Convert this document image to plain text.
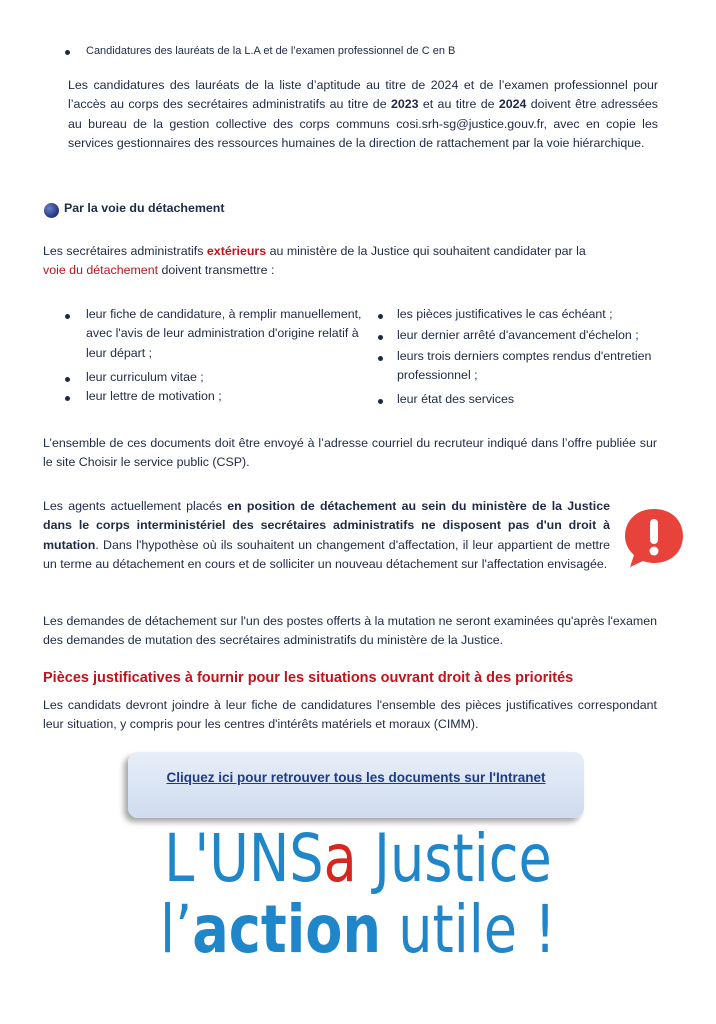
Candidatures des lauréats de la L.A et de l’examen professionnel de C en B
Les candidatures des lauréats de la liste d’aptitude au titre de 2024 et de l’examen professionnel pour l’accès au corps des secrétaires administratifs au titre de 2023 et au titre de 2024 doivent être adressées au bureau de la gestion collective des corps communs cosi.srh-sg@justice.gouv.fr, avec en copie les services gestionnaires des ressources humaines de la direction de rattachement par la voie hiérarchique.
Par la voie du détachement
Les secrétaires administratifs extérieurs au ministère de la Justice qui souhaitent candidater par la
voie du détachement doivent transmettre :
leur fiche de candidature, à remplir manuellement, avec l'avis de leur administration d'origine relatif à leur départ ;
leur curriculum vitae ;
leur lettre de motivation ;
les pièces justificatives le cas échéant ;
leur dernier arrêté d'avancement d'échelon ;
leurs trois derniers comptes rendus d'entretien professionnel ;
leur état des services
L’ensemble de ces documents doit être envoyé à l’adresse courriel du recruteur indiqué dans l’offre publiée sur le site Choisir le service public (CSP).
Les agents actuellement placés en position de détachement au sein du ministère de la Justice dans le corps interministériel des secrétaires administratifs ne disposent pas d'un droit à mutation. Dans l'hypothèse où ils souhaitent un changement d'affectation, il leur appartient de mettre un terme au détachement en cours et de solliciter un nouveau détachement sur l'affectation envisagée.
Les demandes de détachement sur l'un des postes offerts à la mutation ne seront examinées qu'après l'examen des demandes de mutation des secrétaires administratifs du ministère de la Justice.
Pièces justificatives à fournir pour les situations ouvrant droit à des priorités
Les candidats devront joindre à leur fiche de candidatures l'ensemble des pièces justificatives correspondant leur situation, y compris pour les centres d'intérêts matériels et moraux (CIMM).
Cliquez ici pour retrouver tous les documents sur l'Intranet
L'UNSa Justice
l’action utile !
